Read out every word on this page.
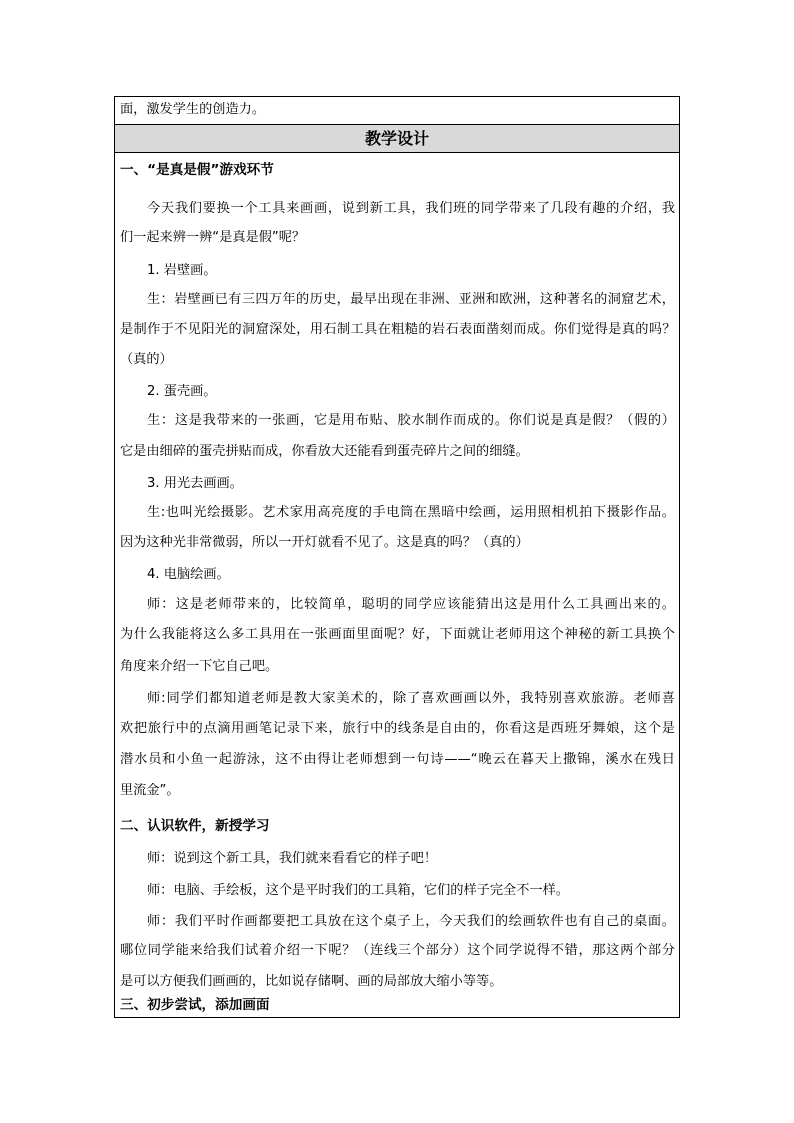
面，激发学生的创造力。
教学设计
一、“是真是假”游戏环节
今天我们要换一个工具来画画，说到新工具，我们班的同学带来了几段有趣的介绍，我
们一起来辨一辨“是真是假”呢？
1. 岩壁画。
生：岩壁画已有三四万年的历史，最早出现在非洲、亚洲和欧洲，这种著名的洞窟艺术，
是制作于不见阳光的洞窟深处，用石制工具在粗糙的岩石表面凿刻而成。你们觉得是真的吗？
（真的）
2. 蛋壳画。
生：这是我带来的一张画，它是用布贴、胶水制作而成的。你们说是真是假？（假的）
它是由细碎的蛋壳拼贴而成，你看放大还能看到蛋壳碎片之间的细缝。
3. 用光去画画。
生:也叫光绘摄影。艺术家用高亮度的手电筒在黑暗中绘画，运用照相机拍下摄影作品。
因为这种光非常微弱，所以一开灯就看不见了。这是真的吗？（真的）
4. 电脑绘画。
师：这是老师带来的，比较简单，聪明的同学应该能猜出这是用什么工具画出来的。
为什么我能将这么多工具用在一张画面里面呢？好，下面就让老师用这个神秘的新工具换个
角度来介绍一下它自己吧。
师:同学们都知道老师是教大家美术的，除了喜欢画画以外，我特别喜欢旅游。老师喜
欢把旅行中的点滴用画笔记录下来，旅行中的线条是自由的，你看这是西班牙舞娘，这个是
潜水员和小鱼一起游泳，这不由得让老师想到一句诗——“晚云在暮天上撒锦，溪水在残日
里流金”。
二、认识软件，新授学习
师：说到这个新工具，我们就来看看它的样子吧！
师：电脑、手绘板，这个是平时我们的工具箱，它们的样子完全不一样。
师：我们平时作画都要把工具放在这个桌子上，今天我们的绘画软件也有自己的桌面。
哪位同学能来给我们试着介绍一下呢？（连线三个部分）这个同学说得不错，那这两个部分
是可以方便我们画画的，比如说存储啊、画的局部放大缩小等等。
三、初步尝试，添加画面
